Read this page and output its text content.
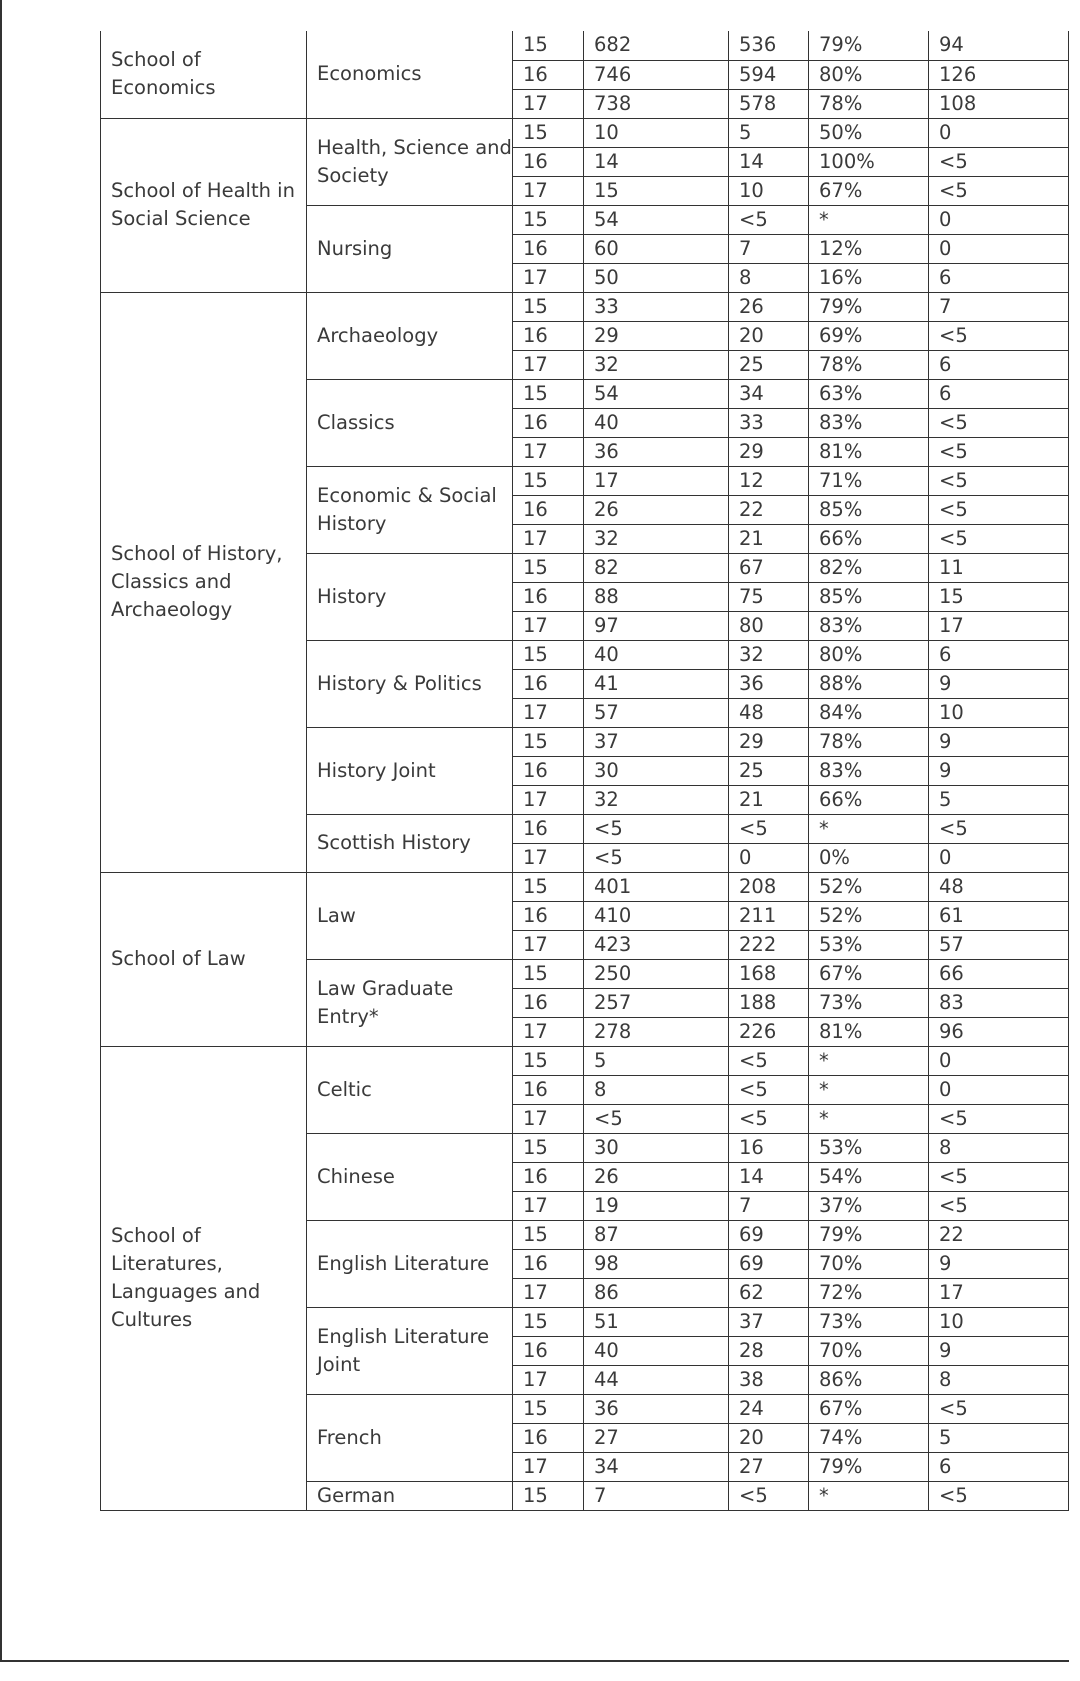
School of Economics	Economics	15	682	536	79%	94
		16	746	594	80%	126
		17	738	578	78%	108
School of Health in Social Science	Health, Science and Society	15	10	5	50%	0
		16	14	14	100%	<5
		17	15	10	67%	<5
	Nursing	15	54	<5	*	0
		16	60	7	12%	0
		17	50	8	16%	6
School of History, Classics and Archaeology	Archaeology	15	33	26	79%	7
		16	29	20	69%	<5
		17	32	25	78%	6
	Classics	15	54	34	63%	6
		16	40	33	83%	<5
		17	36	29	81%	<5
	Economic & Social History	15	17	12	71%	<5
		16	26	22	85%	<5
		17	32	21	66%	<5
	History	15	82	67	82%	11
		16	88	75	85%	15
		17	97	80	83%	17
	History & Politics	15	40	32	80%	6
		16	41	36	88%	9
		17	57	48	84%	10
	History Joint	15	37	29	78%	9
		16	30	25	83%	9
		17	32	21	66%	5
	Scottish History	16	<5	<5	*	<5
		17	<5	0	0%	0
School of Law	Law	15	401	208	52%	48
		16	410	211	52%	61
		17	423	222	53%	57
	Law Graduate Entry*	15	250	168	67%	66
		16	257	188	73%	83
		17	278	226	81%	96
School of Literatures, Languages and Cultures	Celtic	15	5	<5	*	0
		16	8	<5	*	0
		17	<5	<5	*	<5
	Chinese	15	30	16	53%	8
		16	26	14	54%	<5
		17	19	7	37%	<5
	English Literature	15	87	69	79%	22
		16	98	69	70%	9
		17	86	62	72%	17
	English Literature Joint	15	51	37	73%	10
		16	40	28	70%	9
		17	44	38	86%	8
	French	15	36	24	67%	<5
		16	27	20	74%	5
		17	34	27	79%	6
	German	15	7	<5	*	<5
